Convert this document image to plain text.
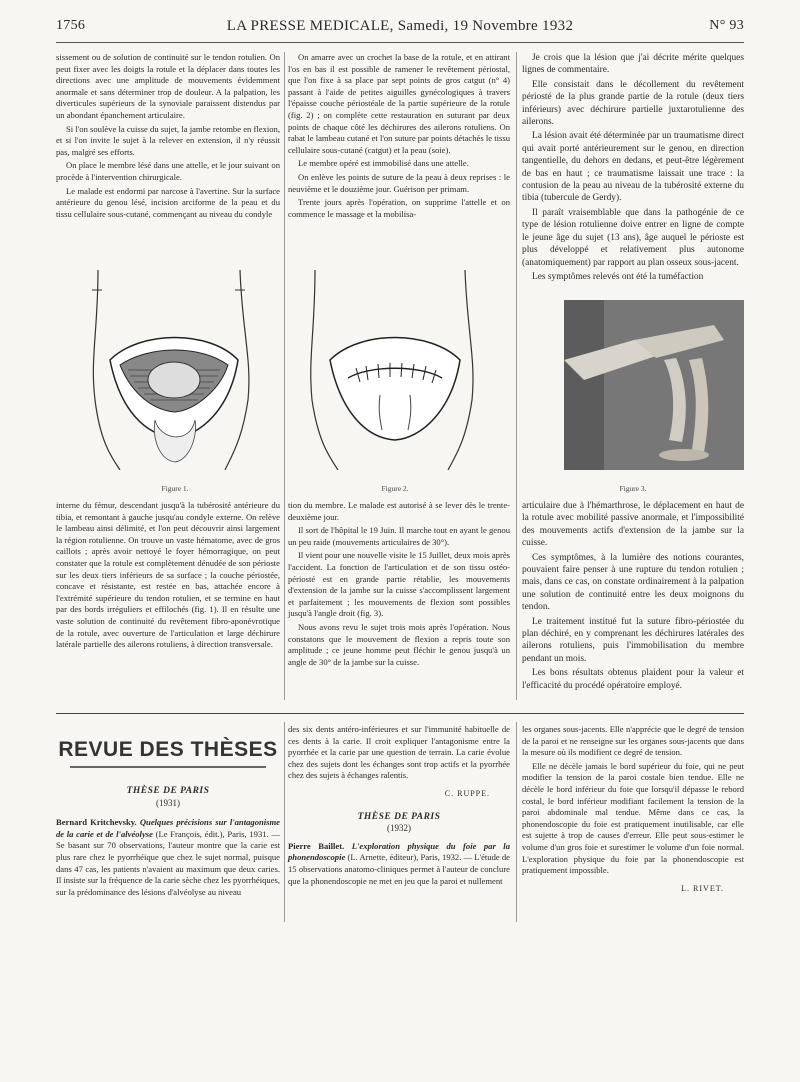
1756	LA PRESSE MEDICALE, Samedi, 19 Novembre 1932	N° 93

sissement ou de solution de continuité sur le tendon rotulien. On peut fixer avec les doigts la rotule et la déplacer dans toutes les directions avec une amplitude de mouvements évidemment anormale et sans déterminer trop de douleur. A la palpation, les diverticules supérieurs de la synoviale paraissent distendus par un abondant épanchement articulaire.

Si l'on soulève la cuisse du sujet, la jambe retombe en flexion, et si l'on invite le sujet à la relever en extension, il n'y réussit pas, malgré ses efforts.

On place le membre lésé dans une attelle, et le jour suivant on procède à l'intervention chirurgicale.

Le malade est endormi par narcose à l'avertine. Sur la surface antérieure du genou lésé, incision arciforme de la peau et du tissu cellulaire sous-cutané, commençant au niveau du condyle

On amarre avec un crochet la base de la rotule, et en attirant l'os en bas il est possible de ramener le revêtement périostal, que l'on fixe à sa place par sept points de gros catgut (n° 4) passant à l'aide de petites aiguilles gynécologiques à travers l'épaisse couche périostéale de la partie supérieure de la rotule (fig. 2) ; on complète cette restauration en suturant par deux points de chaque côté les déchirures des ailerons rotuliens. On rabat le lambeau cutané et l'on suture par points détachés le tissu cellulaire sous-cutané (catgut) et la peau (soie).

Le membre opéré est immobilisé dans une attelle.

On enlève les points de suture de la peau à deux reprises : le neuvième et le douzième jour. Guérison per primam.

Trente jours après l'opération, on supprime l'attelle et on commence le massage et la mobilisa-

Je crois que la lésion que j'ai décrite mérite quelques lignes de commentaire.

Elle consistait dans le décollement du revêtement périosté de la plus grande partie de la rotule (deux tiers inférieurs) avec déchirure partielle juxtarotulienne des ailerons.

La lésion avait été déterminée par un traumatisme direct qui avait porté antérieurement sur le genou, en direction tangentielle, du dehors en dedans, et peut-être légèrement de bas en haut ; ce traumatisme laissait une trace : la contusion de la peau au niveau de la tubérosité externe du tibia (tubercule de Gerdy).

Il paraît vraisemblable que dans la pathogénie de ce type de lésion rotulienne doive entrer en ligne de compte le jeune âge du sujet (13 ans), âge auquel le périoste est plus développé et relativement plus autonome (anatomiquement) par rapport au plan osseux sous-jacent.

Les symptômes relevés ont été la tuméfaction

Figure 1.	Figure 2.	Figure 3.

interne du fémur, descendant jusqu'à la tubérosité antérieure du tibia, et remontant à gauche jusqu'au condyle externe. On relève le lambeau ainsi délimité, et l'on peut découvrir ainsi largement la région rotulienne. On trouve un vaste hématome, avec de gros caillots ; après avoir nettoyé le foyer hémorragique, on peut constater que la rotule est complètement dénudée de son périoste sur les deux tiers inférieurs de sa surface ; la couche périostée, concave et résistante, est restée en bas, attachée encore à l'extrémité supérieure du tendon rotulien, et se termine en haut par des bords irréguliers et effilochés (fig. 1). Il en résulte une vaste solution de continuité du revêtement fibro-aponévrotique de la rotule, avec ouverture de l'articulation et large déchirure latérale partielle des ailerons rotuliens, à direction transversale.

tion du membre. Le malade est autorisé à se lever dès le trente-deuxième jour.

Il sort de l'hôpital le 19 Juin. Il marche tout en ayant le genou un peu raide (mouvements articulaires de 30°).

Il vient pour une nouvelle visite le 15 Juillet, deux mois après l'accident. La fonction de l'articulation et de son tissu ostéo-périosté est en grande partie rétablie, les mouvements d'extension de la jambe sur la cuisse s'accomplissent largement et parfaitement ; les mouvements de flexion sont possibles jusqu'à l'angle droit (fig. 3).

Nous avons revu le sujet trois mois après l'opération. Nous constatons que le mouvement de flexion a repris toute son amplitude ; ce jeune homme peut fléchir le genou jusqu'à un angle de 30° de la jambe sur la cuisse.

articulaire due à l'hémarthrose, le déplacement en haut de la rotule avec mobilité passive anormale, et l'impossibilité des mouvements actifs d'extension de la jambe sur la cuisse.

Ces symptômes, à la lumière des notions courantes, pouvaient faire penser à une rupture du tendon rotulien ; mais, dans ce cas, on constate ordinairement à la palpation une solution de continuité entre les deux moignons du tendon.

Le traitement institué fut la suture fibro-périostée du plan déchiré, en y comprenant les déchirures latérales des ailerons rotuliens, puis l'immobilisation du membre pendant un mois.

Les bons résultats obtenus plaident pour la valeur et l'efficacité du procédé opératoire employé.

REVUE DES THÈSES
THÈSE DE PARIS
(1931)
Bernard Kritchevsky. Quelques précisions sur l'antagonisme de la carie et de l'alvéolyse (Le François, édit.), Paris, 1931. — Se basant sur 70 observations, l'auteur montre que la carie est plus rare chez le pyorrhéique que chez le sujet normal, puisque dans 47 cas, les patients n'avaient au maximum que deux caries. Il insiste sur la fréquence de la carie sèche chez les pyorrhéiques, sur la prédominance des lésions d'alvéolyse au niveau

des six dents antéro-inférieures et sur l'immunité habituelle de ces dents à la carie. Il croit expliquer l'antagonisme entre la pyorrhée et la carie par une question de terrain. La carie évolue chez des sujets dont les échanges sont trop actifs et la pyorrhée chez des sujets à échanges ralentis.

C. RUPPE.
THÈSE DE PARIS
(1932)
Pierre Baillet. L'exploration physique du foie par la phonendoscopie (L. Arnette, éditeur), Paris, 1932. — L'étude de 15 observations anatomo-cliniques permet à l'auteur de conclure que la phonendoscopie ne met en jeu que la paroi et nullement

les organes sous-jacents. Elle n'apprécie que le degré de tension de la paroi et ne renseigne sur les organes sous-jacents que dans la mesure où ils modifient ce degré de tension.

Elle ne décèle jamais le bord supérieur du foie, qui ne peut modifier la tension de la paroi costale bien tendue. Elle ne décèle le bord inférieur du foie que lorsqu'il dépasse le rebord costal, le bord inférieur modifiant facilement la tension de la paroi abdominale mal tendue. Même dans ce cas, la phonendoscopie du foie est pratiquement inutilisable, car elle est sujette à trop de causes d'erreur. Elle peut sous-estimer le volume d'un gros foie et surestimer le volume d'un foie normal. L'exploration physique du foie par la phonendoscopie est pratiquement impossible.

L. RIVET.
